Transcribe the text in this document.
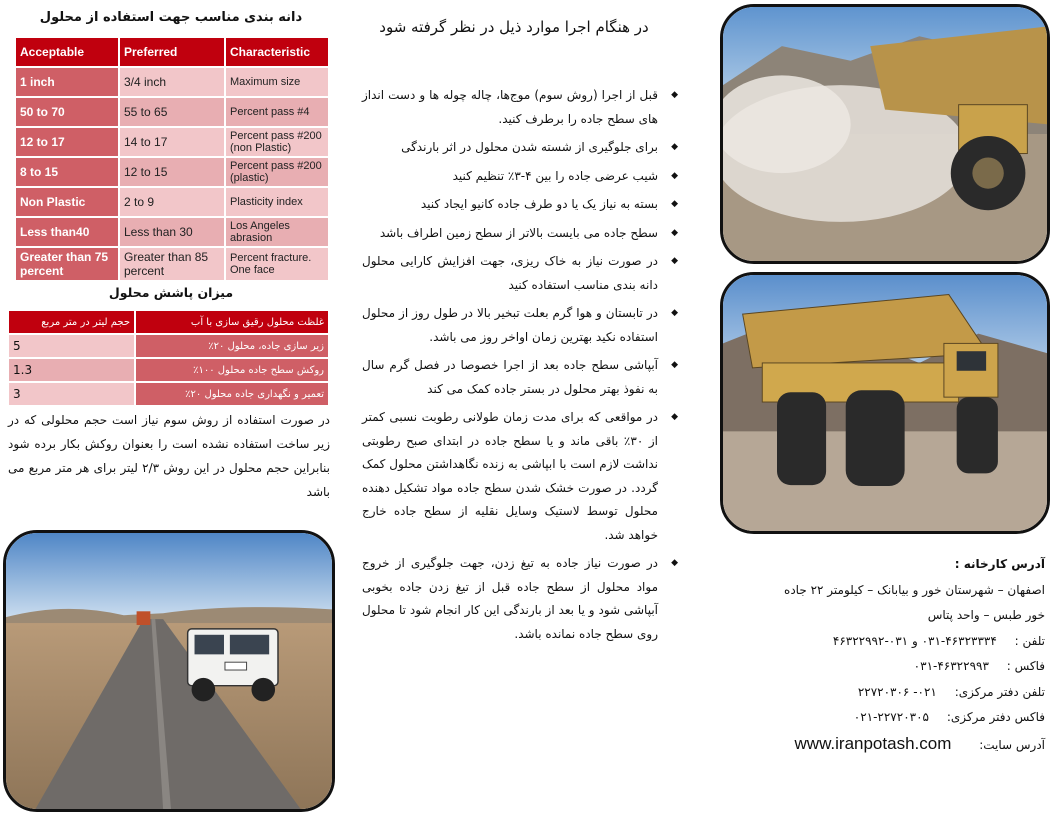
دانه بندی مناسب جهت استفاده از محلول
Acceptable	Preferred	Characteristic
1 inch	3/4 inch	Maximum size
50 to 70	55 to 65	Percent pass #4
12 to 17	14 to 17	Percent pass #200 (non Plastic)
8 to 15	12 to 15	Percent pass #200 (plastic)
Non Plastic	2 to 9	Plasticity index
Less than40	Less than 30	Los Angeles abrasion
Greater than 75 percent	Greater than 85 percent	Percent fracture. One face
میزان پاشش محلول
غلظت محلول رقیق سازی با آب	حجم لیتر در متر مربع
زیر سازی جاده، محلول ۲۰٪	5
روکش سطح جاده محلول ۱۰۰٪	1.3
تعمیر و نگهداری جاده محلول ۲۰٪	3
در صورت استفاده از روش سوم نیاز است حجم محلولی که در زیر ساخت استفاده نشده است را بعنوان روکش بکار برده شود بنابراین حجم محلول در این روش ۲/۳ لیتر برای هر متر مربع می باشد
در هنگام اجرا موارد ذیل در نظر گرفته شود
◆ قبل از اجرا (روش سوم) موج‌ها، چاله چوله ها و دست انداز های سطح جاده را برطرف کنید.
◆ برای جلوگیری از شسته شدن محلول در اثر بارندگی
◆ شیب عرضی جاده را بین ۴-۳٪ تنظیم کنید
◆ بسته به نیاز یک یا دو طرف جاده کانیو ایجاد کنید
◆ سطح جاده می بایست بالاتر از سطح زمین اطراف باشد
◆ در صورت نیاز به خاک ریزی، جهت افزایش کارایی محلول دانه بندی مناسب استفاده کنید
◆ در تابستان و هوا گرم بعلت تبخیر بالا در طول روز از محلول استفاده نکید بهترین زمان اواخر روز می باشد.
◆ آبپاشی سطح جاده بعد از اجرا خصوصا در فصل گرم سال به نفوذ بهتر محلول در بستر جاده کمک می کند
◆ در مواقعی که برای مدت زمان طولانی رطوبت نسبی کمتر از ۳۰٪ باقی ماند و یا سطح جاده در ابتدای صبح رطوبتی نداشت لازم است با ابپاشی به زنده نگاهداشتن محلول کمک گردد. در صورت خشک شدن سطح جاده مواد تشکیل دهنده محلول توسط لاستیک وسایل نقلیه از سطح جاده خارج خواهد شد.
◆ در صورت نیاز جاده به تیغ زدن، جهت جلوگیری از خروج مواد محلول از سطح جاده قبل از تیغ زدن جاده بخوبی آبپاشی شود و یا بعد از بارندگی این کار انجام شود تا محلول روی سطح جاده نمانده باشد.
آدرس کارخانه :
اصفهان – شهرستان خور و بیابانک – کیلومتر ۲۲ جاده
خور طبس – واحد پتاس
تلفن : ۰۳۱-۴۶۳۲۳۳۳۴ و ۰۳۱-۴۶۳۲۲۹۹۲
فاکس : ۰۳۱-۴۶۳۲۲۹۹۳
تلفن دفتر مرکزی: ۰۲۱- ۲۲۷۲۰۳۰۶
فاکس دفتر مرکزی: ۰۲۱-۲۲۷۲۰۳۰۵
آدرس سایت: www.iranpotash.com
